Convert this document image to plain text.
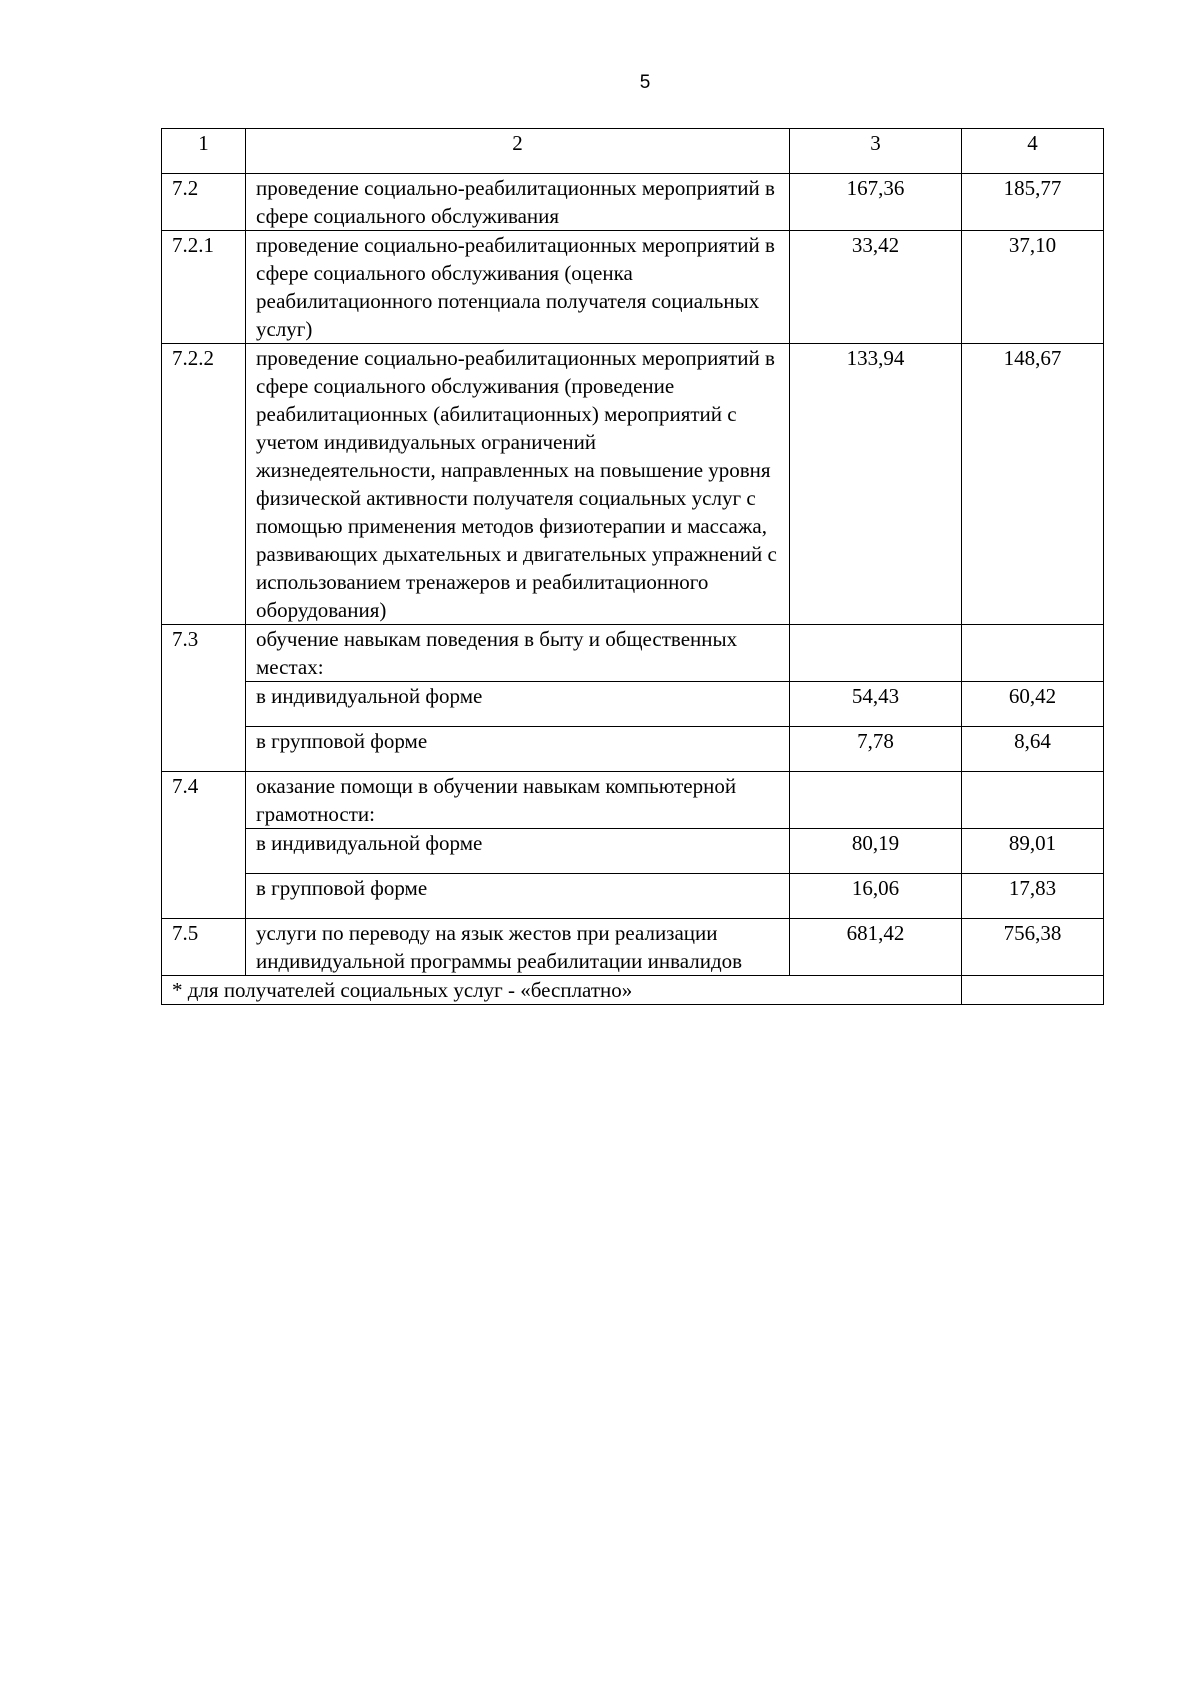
5
1	2	3	4
7.2	проведение социально-реабилитационных мероприятий в сфере социального обслуживания	167,36	185,77
7.2.1	проведение социально-реабилитационных мероприятий в сфере социального обслуживания (оценка реабилитационного потенциала получателя социальных услуг)	33,42	37,10
7.2.2	проведение социально-реабилитационных мероприятий в сфере социального обслуживания (проведение реабилитационных (абилитационных) мероприятий с учетом индивидуальных ограничений жизнедеятельности, направленных на повышение уровня физической активности получателя социальных услуг с помощью применения методов физиотерапии и массажа, развивающих дыхательных и двигательных упражнений с использованием тренажеров и реабилитационного оборудования)	133,94	148,67
7.3	обучение навыкам поведения в быту и общественных местах:		
	в индивидуальной форме	54,43	60,42
	в групповой форме	7,78	8,64
7.4	оказание помощи в обучении навыкам компьютерной грамотности:		
	в индивидуальной форме	80,19	89,01
	в групповой форме	16,06	17,83
7.5	услуги по переводу на язык жестов при реализации индивидуальной программы реабилитации инвалидов	681,42	756,38
* для получателей социальных услуг - «бесплатно»			
